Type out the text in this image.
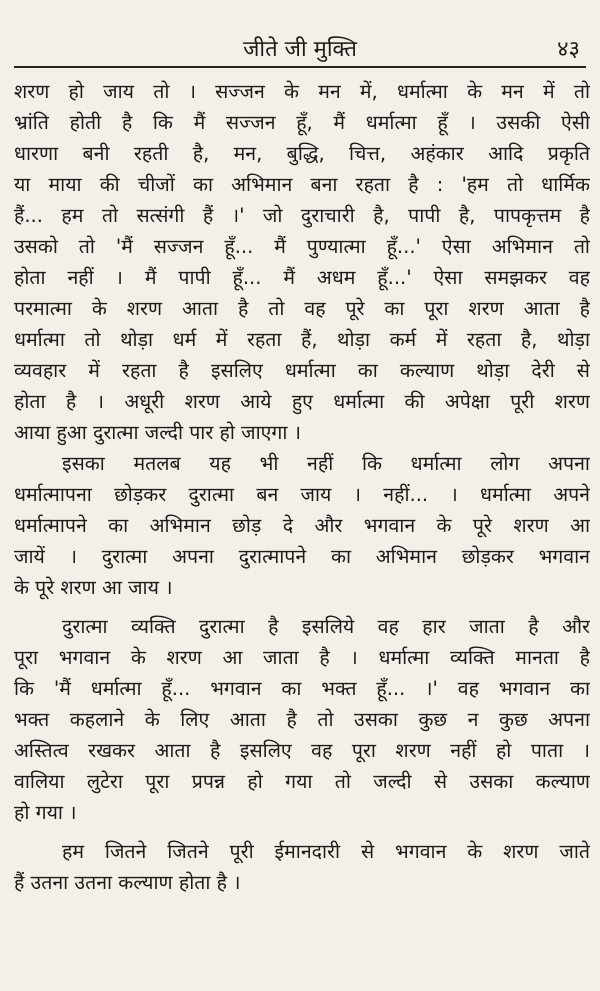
जीते जी मुक्ति	४३
शरण हो जाय तो । सज्जन के मन में, धर्मात्मा के मन में तो
भ्रांति होती है कि मैं सज्जन हूँ, मैं धर्मात्मा हूँ । उसकी ऐसी
धारणा बनी रहती है, मन, बुद्धि, चित्त, अहंकार आदि प्रकृति
या माया की चीजों का अभिमान बना रहता है : 'हम तो धार्मिक
हैं... हम तो सत्संगी हैं ।' जो दुराचारी है, पापी है, पापकृत्तम है
उसको तो 'मैं सज्जन हूँ... मैं पुण्यात्मा हूँ...' ऐसा अभिमान तो
होता नहीं । मैं पापी हूँ... मैं अधम हूँ...' ऐसा समझकर वह
परमात्मा के शरण आता है तो वह पूरे का पूरा शरण आता है
धर्मात्मा तो थोड़ा धर्म में रहता हैं, थोड़ा कर्म में रहता है, थोड़ा
व्यवहार में रहता है इसलिए धर्मात्मा का कल्याण थोड़ा देरी से
होता है । अधूरी शरण आये हुए धर्मात्मा की अपेक्षा पूरी शरण
आया हुआ दुरात्मा जल्दी पार हो जाएगा ।
इसका मतलब यह भी नहीं कि धर्मात्मा लोग अपना
धर्मात्मापना छोड़कर दुरात्मा बन जाय । नहीं... । धर्मात्मा अपने
धर्मात्मापने का अभिमान छोड़ दे और भगवान के पूरे शरण आ
जायें । दुरात्मा अपना दुरात्मापने का अभिमान छोड़कर भगवान
के पूरे शरण आ जाय ।
दुरात्मा व्यक्ति दुरात्मा है इसलिये वह हार जाता है और
पूरा भगवान के शरण आ जाता है । धर्मात्मा व्यक्ति मानता है
कि 'मैं धर्मात्मा हूँ... भगवान का भक्त हूँ... ।' वह भगवान का
भक्त कहलाने के लिए आता है तो उसका कुछ न कुछ अपना
अस्तित्व रखकर आता है इसलिए वह पूरा शरण नहीं हो पाता ।
वालिया लुटेरा पूरा प्रपन्न हो गया तो जल्दी से उसका कल्याण
हो गया ।
हम जितने जितने पूरी ईमानदारी से भगवान के शरण जाते
हैं उतना उतना कल्याण होता है ।
